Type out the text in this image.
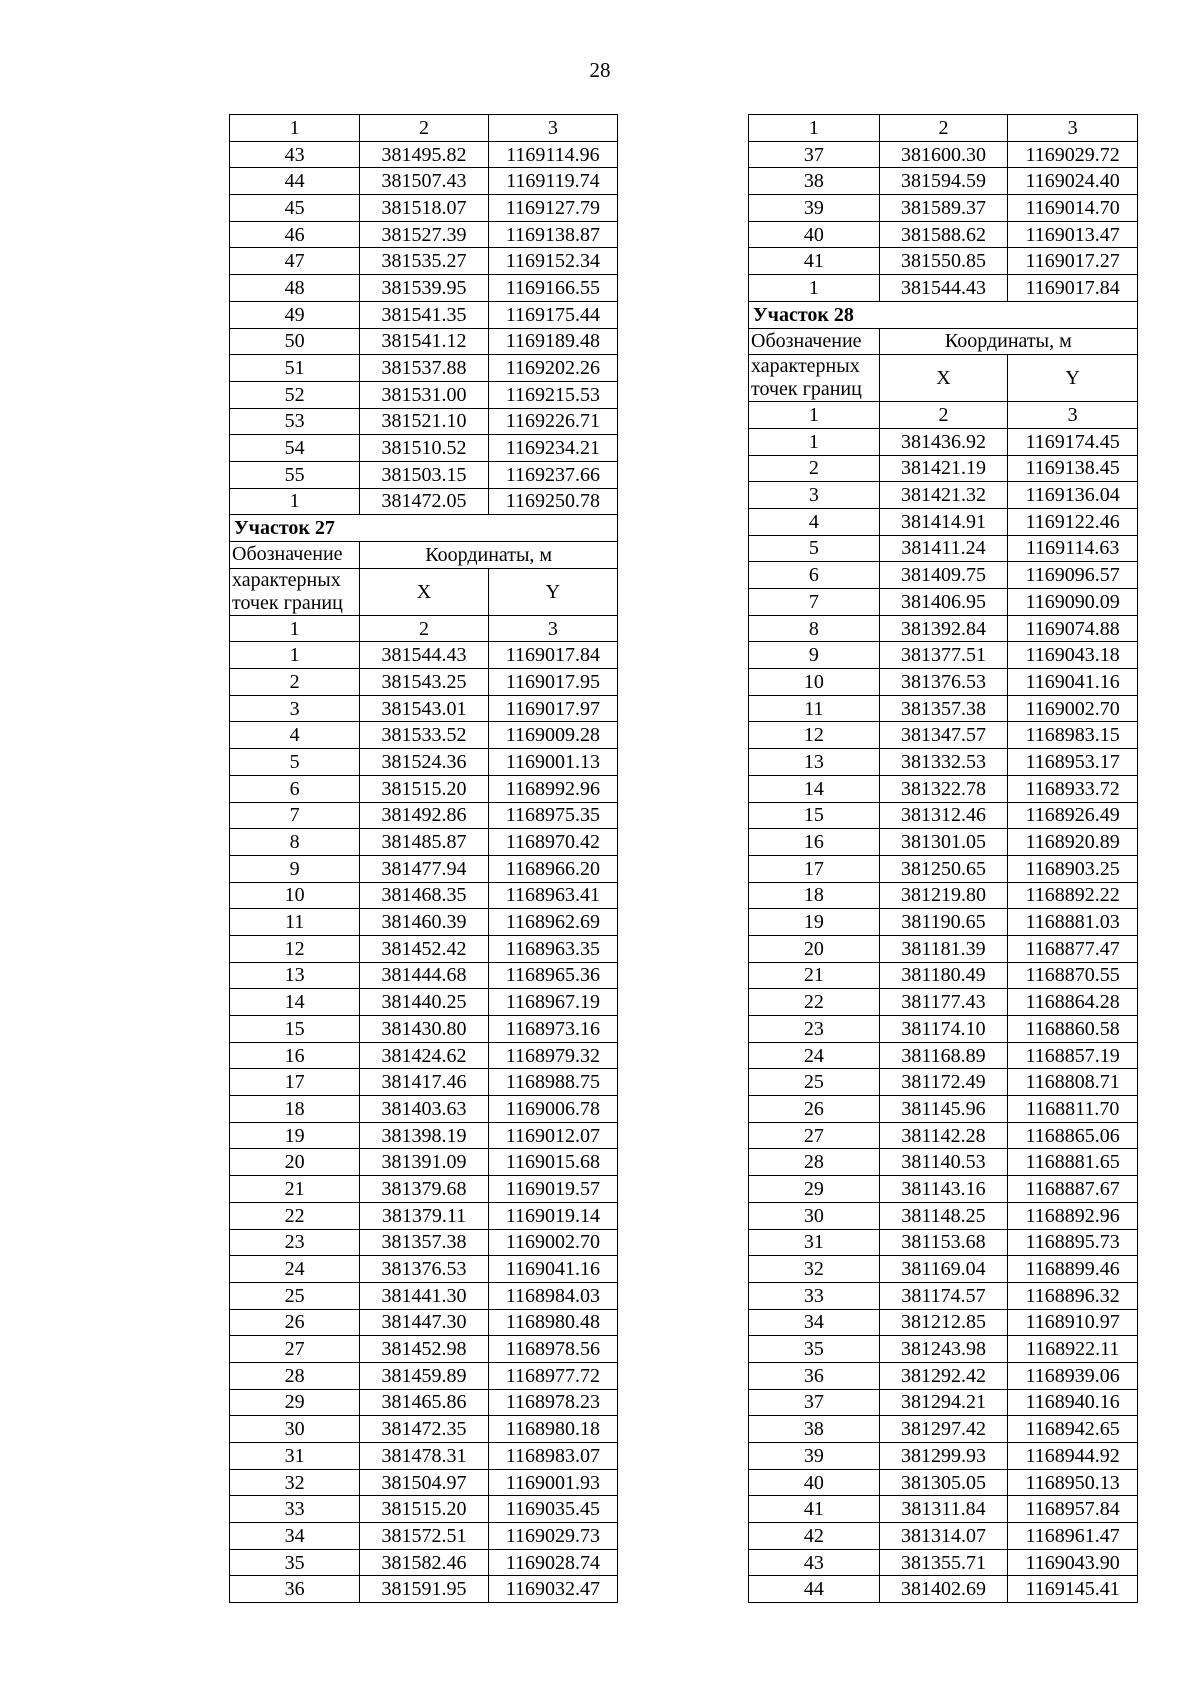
28
1	2	3
43	381495.82	1169114.96
44	381507.43	1169119.74
45	381518.07	1169127.79
46	381527.39	1169138.87
47	381535.27	1169152.34
48	381539.95	1169166.55
49	381541.35	1169175.44
50	381541.12	1169189.48
51	381537.88	1169202.26
52	381531.00	1169215.53
53	381521.10	1169226.71
54	381510.52	1169234.21
55	381503.15	1169237.66
1	381472.05	1169250.78
Участок 27		
Обозначение	Координаты, м	
характерных
точек границ	X	Y
1	2	3
1	381544.43	1169017.84
2	381543.25	1169017.95
3	381543.01	1169017.97
4	381533.52	1169009.28
5	381524.36	1169001.13
6	381515.20	1168992.96
7	381492.86	1168975.35
8	381485.87	1168970.42
9	381477.94	1168966.20
10	381468.35	1168963.41
11	381460.39	1168962.69
12	381452.42	1168963.35
13	381444.68	1168965.36
14	381440.25	1168967.19
15	381430.80	1168973.16
16	381424.62	1168979.32
17	381417.46	1168988.75
18	381403.63	1169006.78
19	381398.19	1169012.07
20	381391.09	1169015.68
21	381379.68	1169019.57
22	381379.11	1169019.14
23	381357.38	1169002.70
24	381376.53	1169041.16
25	381441.30	1168984.03
26	381447.30	1168980.48
27	381452.98	1168978.56
28	381459.89	1168977.72
29	381465.86	1168978.23
30	381472.35	1168980.18
31	381478.31	1168983.07
32	381504.97	1169001.93
33	381515.20	1169035.45
34	381572.51	1169029.73
35	381582.46	1169028.74
36	381591.95	1169032.47
1	2	3
37	381600.30	1169029.72
38	381594.59	1169024.40
39	381589.37	1169014.70
40	381588.62	1169013.47
41	381550.85	1169017.27
1	381544.43	1169017.84
Участок 28		
Обозначение	Координаты, м	
характерных
точек границ	X	Y
1	2	3
1	381436.92	1169174.45
2	381421.19	1169138.45
3	381421.32	1169136.04
4	381414.91	1169122.46
5	381411.24	1169114.63
6	381409.75	1169096.57
7	381406.95	1169090.09
8	381392.84	1169074.88
9	381377.51	1169043.18
10	381376.53	1169041.16
11	381357.38	1169002.70
12	381347.57	1168983.15
13	381332.53	1168953.17
14	381322.78	1168933.72
15	381312.46	1168926.49
16	381301.05	1168920.89
17	381250.65	1168903.25
18	381219.80	1168892.22
19	381190.65	1168881.03
20	381181.39	1168877.47
21	381180.49	1168870.55
22	381177.43	1168864.28
23	381174.10	1168860.58
24	381168.89	1168857.19
25	381172.49	1168808.71
26	381145.96	1168811.70
27	381142.28	1168865.06
28	381140.53	1168881.65
29	381143.16	1168887.67
30	381148.25	1168892.96
31	381153.68	1168895.73
32	381169.04	1168899.46
33	381174.57	1168896.32
34	381212.85	1168910.97
35	381243.98	1168922.11
36	381292.42	1168939.06
37	381294.21	1168940.16
38	381297.42	1168942.65
39	381299.93	1168944.92
40	381305.05	1168950.13
41	381311.84	1168957.84
42	381314.07	1168961.47
43	381355.71	1169043.90
44	381402.69	1169145.41
